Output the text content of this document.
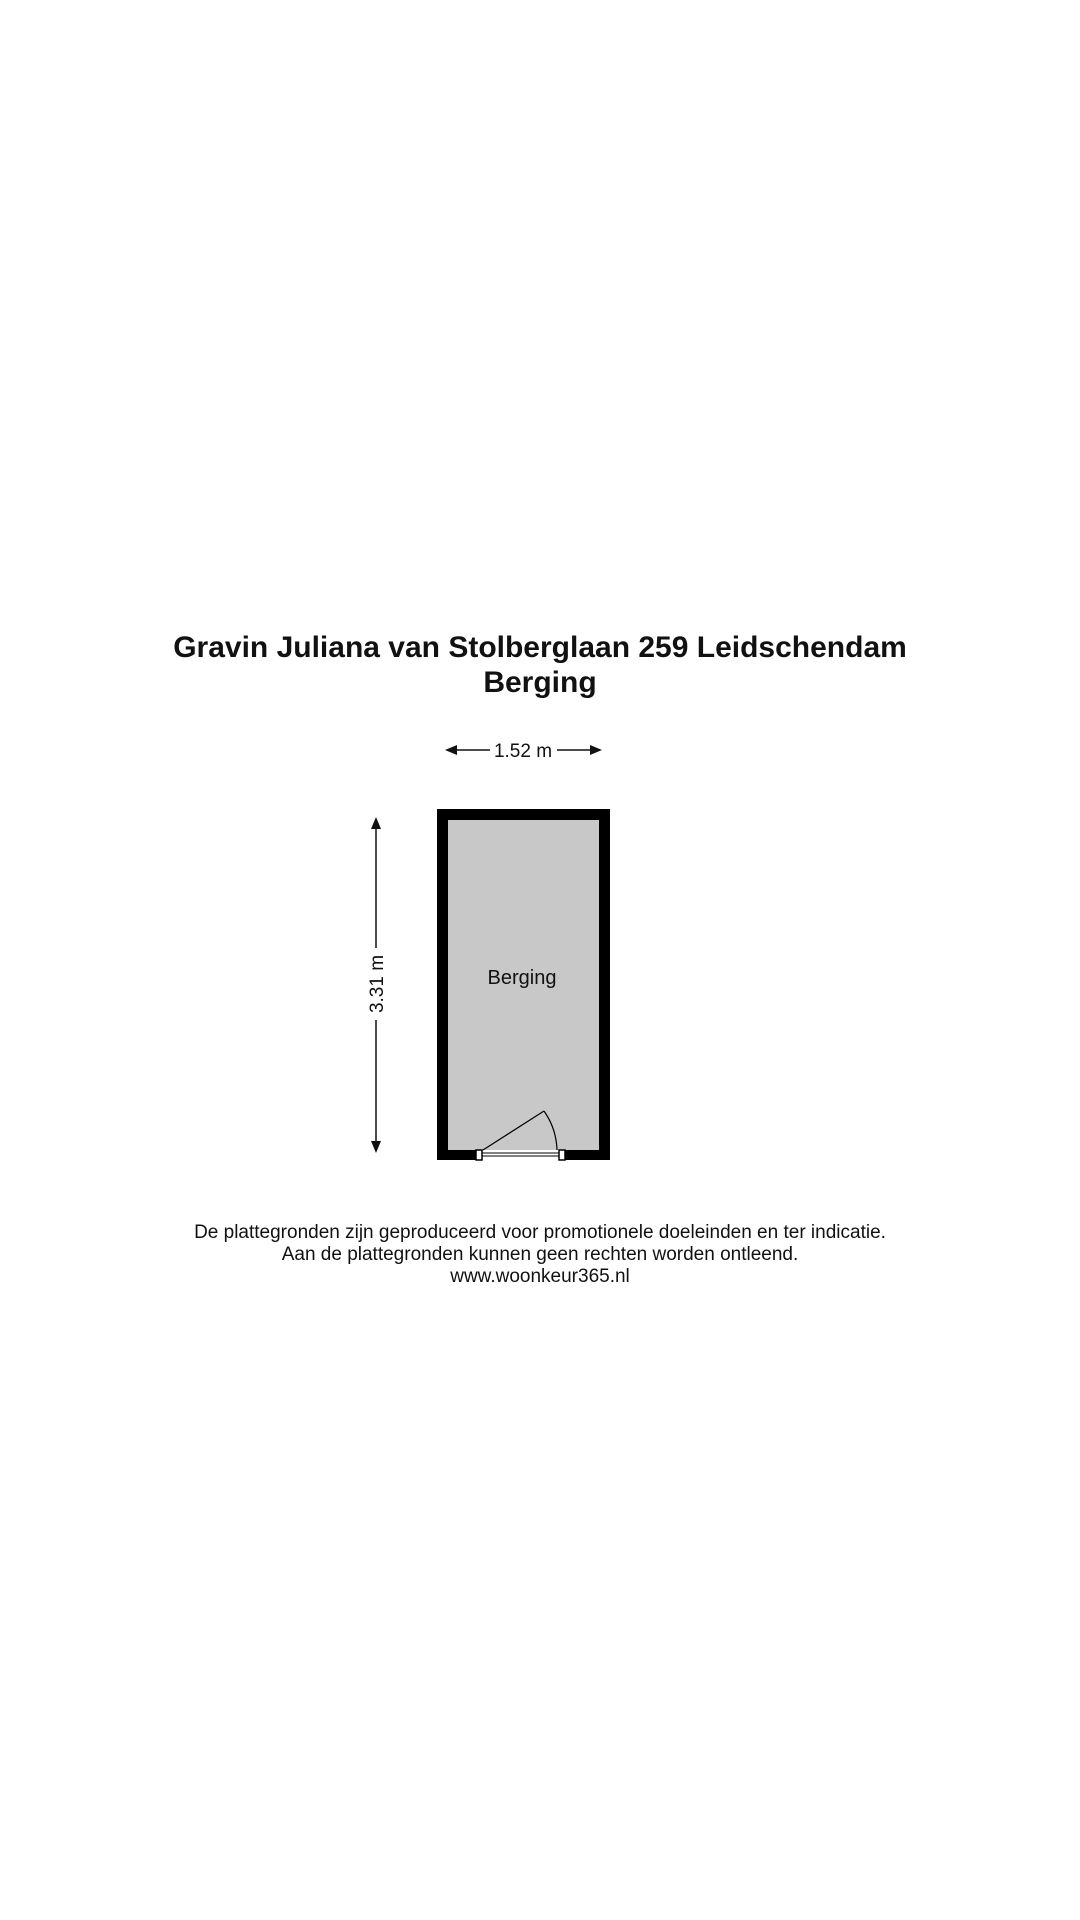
Gravin Juliana van Stolberglaan 259 Leidschendam
Berging
1.52 m
3.31 m	Berging

De plattegronden zijn geproduceerd voor promotionele doeleinden en ter indicatie.

Aan de plattegronden kunnen geen rechten worden ontleend.

www.woonkeur365.nl
